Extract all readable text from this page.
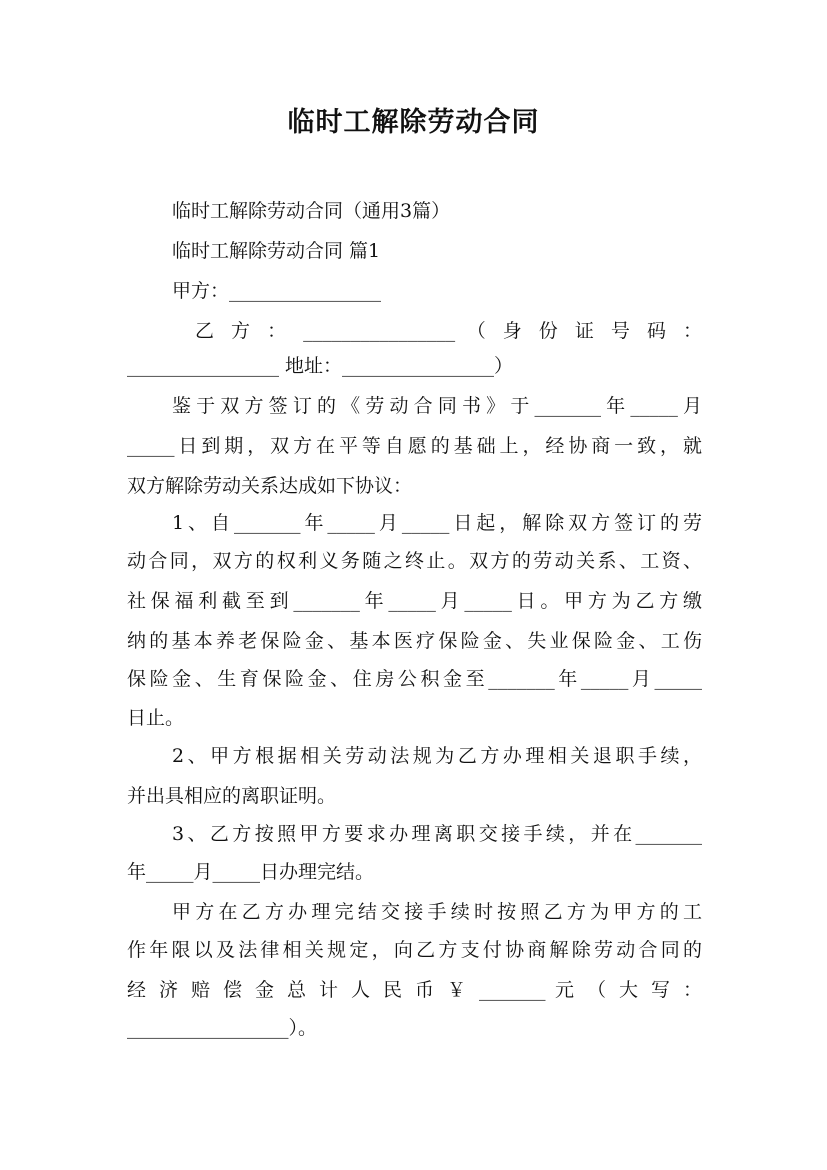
临时工解除劳动合同
临时工解除劳动合同（通用3篇）
临时工解除劳动合同 篇1
甲方：________________
乙 方 ： ________________ （ 身 份 证 号 码 ：
________________ 地址：________________）
鉴于双方签订的《劳动合同书》于_______年_____月
_____日到期，双方在平等自愿的基础上，经协商一致，就
双方解除劳动关系达成如下协议：
1、自_______年_____月_____日起，解除双方签订的劳
动合同，双方的权利义务随之终止。双方的劳动关系、工资、
社保福利截至到_______年_____月_____日。甲方为乙方缴
纳的基本养老保险金、基本医疗保险金、失业保险金、工伤
保险金、生育保险金、住房公积金至_______年_____月_____
日止。
2、甲方根据相关劳动法规为乙方办理相关退职手续，
并出具相应的离职证明。
3、乙方按照甲方要求办理离职交接手续，并在_______
年_____月_____日办理完结。
甲方在乙方办理完结交接手续时按照乙方为甲方的工
作年限以及法律相关规定，向乙方支付协商解除劳动合同的
经 济 赔 偿 金 总 计 人 民 币 ￥ _______ 元 （ 大 写 ：
_________________）。
